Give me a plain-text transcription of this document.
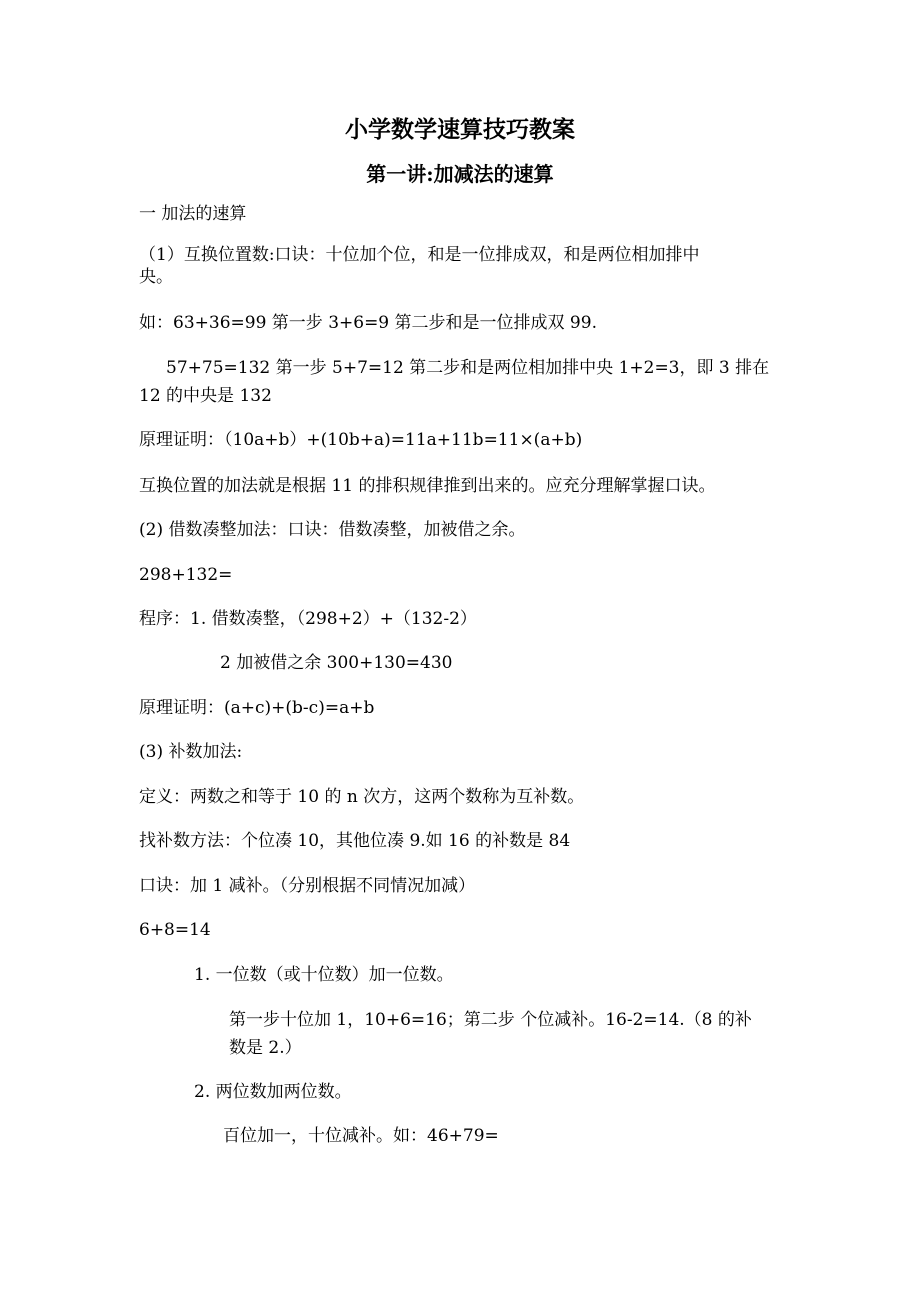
小学数学速算技巧教案
第一讲:加减法的速算
一 加法的速算
（1）互换位置数:口诀：十位加个位，和是一位排成双，和是两位相加排中
央。
如：63+36=99 第一步 3+6=9 第二步和是一位排成双 99.
57+75=132 第一步 5+7=12 第二步和是两位相加排中央 1+2=3，即 3 排在
12 的中央是 132
原理证明：（10a+b）+(10b+a)=11a+11b=11×(a+b)
互换位置的加法就是根据 11 的排积规律推到出来的。应充分理解掌握口诀。
(2) 借数凑整加法：口诀：借数凑整，加被借之余。
298+132=
程序：1. 借数凑整，（298+2）+（132-2）
2 加被借之余 300+130=430
原理证明：(a+c)+(b-c)=a+b
(3) 补数加法:
定义：两数之和等于 10 的 n 次方，这两个数称为互补数。
找补数方法：个位凑 10，其他位凑 9.如 16 的补数是 84
口诀：加 1 减补。（分别根据不同情况加减）
6+8=14
1. 一位数（或十位数）加一位数。
第一步十位加 1，10+6=16；第二步 个位减补。16-2=14.（8 的补
数是 2.）
2. 两位数加两位数。
百位加一，十位减补。如：46+79=
